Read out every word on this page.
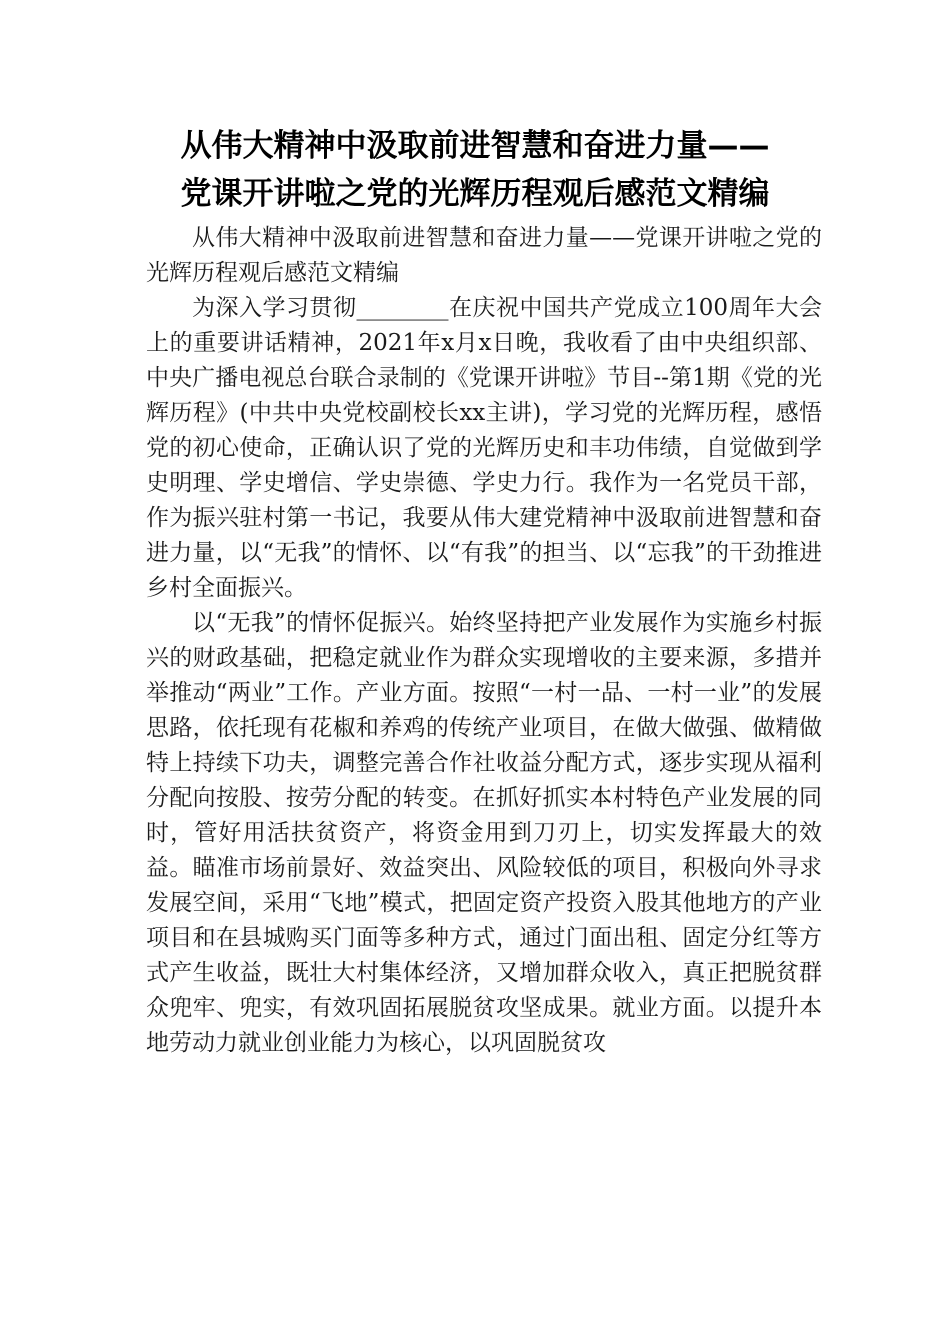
从伟大精神中汲取前进智慧和奋进力量——
党课开讲啦之党的光辉历程观后感范文精编

从伟大精神中汲取前进智慧和奋进力量——党课开讲啦之党的光辉历程观后感范文精编

为深入学习贯彻________在庆祝中国共产党成立100周年大会上的重要讲话精神，2021年x月x日晚，我收看了由中央组织部、中央广播电视总台联合录制的《党课开讲啦》节目--第1期《党的光辉历程》(中共中央党校副校长xx主讲)，学习党的光辉历程，感悟党的初心使命，正确认识了党的光辉历史和丰功伟绩，自觉做到学史明理、学史增信、学史崇德、学史力行。我作为一名党员干部，作为振兴驻村第一书记，我要从伟大建党精神中汲取前进智慧和奋进力量，以“无我”的情怀、以“有我”的担当、以“忘我”的干劲推进乡村全面振兴。

以“无我”的情怀促振兴。始终坚持把产业发展作为实施乡村振兴的财政基础，把稳定就业作为群众实现增收的主要来源，多措并举推动“两业”工作。产业方面。按照“一村一品、一村一业”的发展思路，依托现有花椒和养鸡的传统产业项目，在做大做强、做精做特上持续下功夫，调整完善合作社收益分配方式，逐步实现从福利分配向按股、按劳分配的转变。在抓好抓实本村特色产业发展的同时，管好用活扶贫资产，将资金用到刀刃上，切实发挥最大的效益。瞄准市场前景好、效益突出、风险较低的项目，积极向外寻求发展空间，采用“飞地”模式，把固定资产投资入股其他地方的产业项目和在县城购买门面等多种方式，通过门面出租、固定分红等方式产生收益，既壮大村集体经济，又增加群众收入，真正把脱贫群众兜牢、兜实，有效巩固拓展脱贫攻坚成果。就业方面。以提升本地劳动力就业创业能力为核心，以巩固脱贫攻
